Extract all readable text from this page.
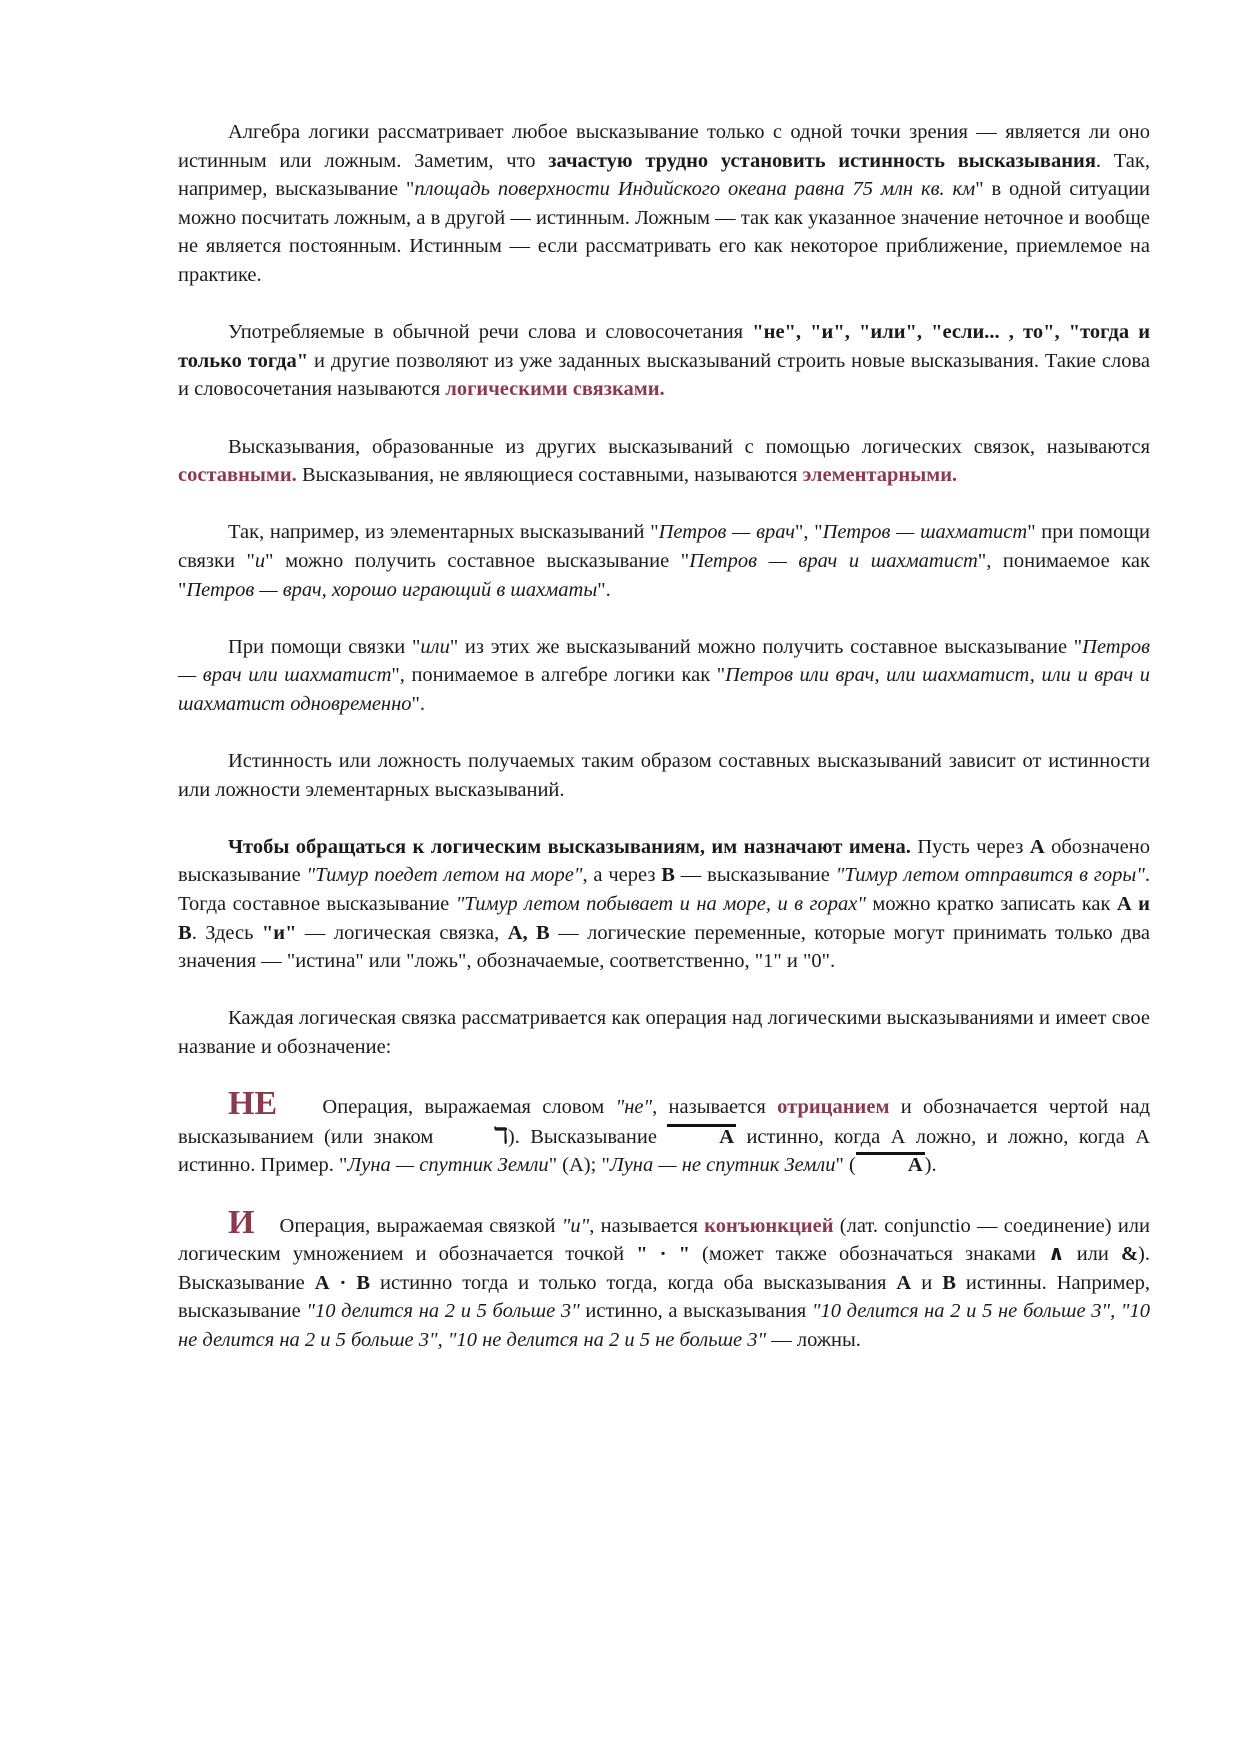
Алгебра логики рассматривает любое высказывание только с одной точки зрения — является ли оно истинным или ложным. Заметим, что зачастую трудно установить истинность высказывания. Так, например, высказывание "площадь поверхности Индийского океана равна 75 млн кв. км" в одной ситуации можно посчитать ложным, а в другой — истинным. Ложным — так как указанное значение неточное и вообще не является постоянным. Истинным — если рассматривать его как некоторое приближение, приемлемое на практике.

Употребляемые в обычной речи слова и словосочетания "не", "и", "или", "если... , то", "тогда и только тогда" и другие позволяют из уже заданных высказываний строить новые высказывания. Такие слова и словосочетания называются логическими связками.

Высказывания, образованные из других высказываний с помощью логических связок, называются составными. Высказывания, не являющиеся составными, называются элементарными.

Так, например, из элементарных высказываний "Петров — врач", "Петров — шахматист" при помощи связки "и" можно получить составное высказывание "Петров — врач и шахматист", понимаемое как "Петров — врач, хорошо играющий в шахматы".

При помощи связки "или" из этих же высказываний можно получить составное высказывание "Петров — врач или шахматист", понимаемое в алгебре логики как "Петров или врач, или шахматист, или и врач и шахматист одновременно".

Истинность или ложность получаемых таким образом составных высказываний зависит от истинности или ложности элементарных высказываний.

Чтобы обращаться к логическим высказываниям, им назначают имена. Пусть через А обозначено высказывание "Тимур поедет летом на море", а через В — высказывание "Тимур летом отправится в горы". Тогда составное высказывание "Тимур летом побывает и на море, и в горах" можно кратко записать как А и В. Здесь "и" — логическая связка, А, В — логические переменные, которые могут принимать только два значения — "истина" или "ложь", обозначаемые, соответственно, "1" и "0".

Каждая логическая связка рассматривается как операция над логическими высказываниями и имеет свое название и обозначение:

НЕ Операция, выражаемая словом "не", называется отрицанием и обозначается чертой над высказыванием (или знаком ℸ). Высказывание	А истинно, когда А ложно, и ложно, когда А истинно. Пример. "Луна — спутник Земли" (А); "Луна — не спутник Земли" (	А).

И Операция, выражаемая связкой "и", называется конъюнкцией (лат. conjunctio — соединение) или логическим умножением и обозначается точкой " · " (может также обозначаться знаками ∧ или &). Высказывание А · В истинно тогда и только тогда, когда оба высказывания А и В истинны. Например, высказывание "10 делится на 2 и 5 больше 3" истинно, а высказывания "10 делится на 2 и 5 не больше 3", "10 не делится на 2 и 5 больше 3", "10 не делится на 2 и 5 не больше 3" — ложны.
